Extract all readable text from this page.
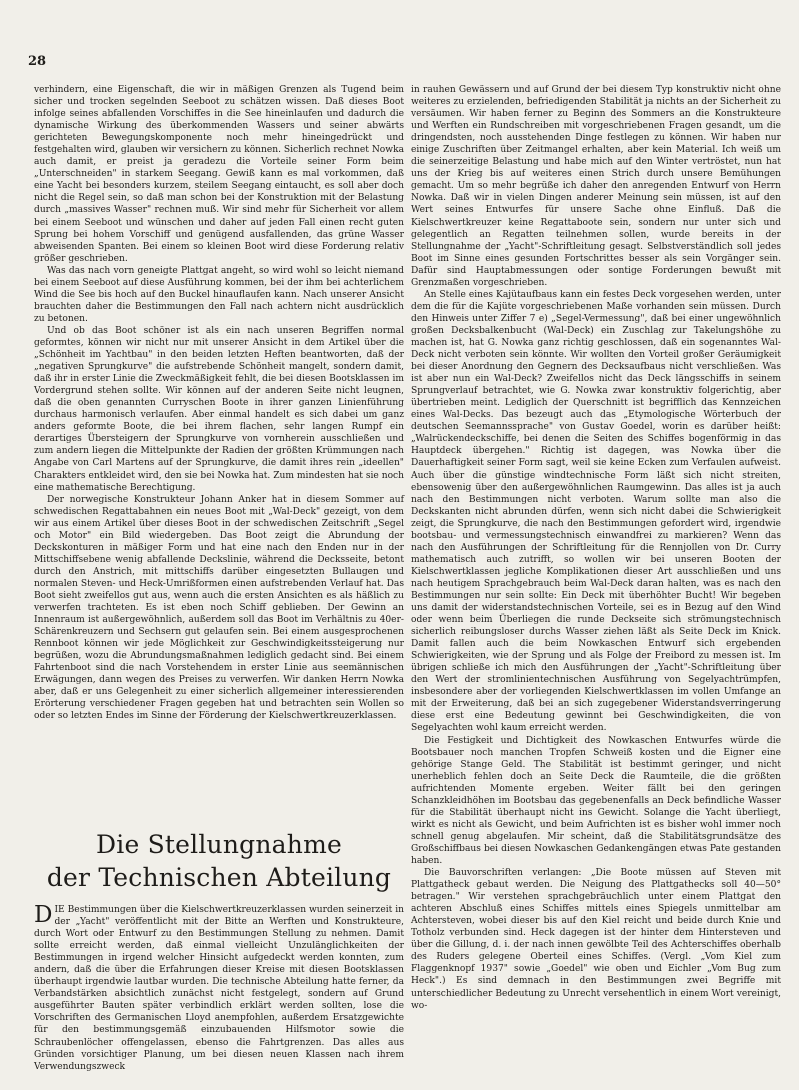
28

verhindern, eine Eigenschaft, die wir in mäßigen Grenzen als Tugend beim sicher und trocken segelnden Seeboot zu schätzen wissen. Daß dieses Boot infolge seines abfallenden Vorschiffes in die See hineinlaufen und dadurch die dynamische Wirkung des überkommenden Wassers und seiner abwärts gerichteten Bewegungskomponente noch mehr hineingedrückt und festgehalten wird, glauben wir versichern zu können. Sicherlich rechnet Nowka auch damit, er preist ja geradezu die Vorteile seiner Form beim „Unterschneiden" in starkem Seegang. Gewiß kann es mal vorkommen, daß eine Yacht bei besonders kurzem, steilem Seegang eintaucht, es soll aber doch nicht die Regel sein, so daß man schon bei der Konstruktion mit der Belastung durch „massives Wasser" rechnen muß. Wir sind mehr für Sicherheit vor allem bei einem Seeboot und wünschen und daher auf jeden Fall einen recht guten Sprung bei hohem Vorschiff und genügend ausfallenden, das grüne Wasser abweisenden Spanten. Bei einem so kleinen Boot wird diese Forderung relativ größer geschrieben.

Was das nach vorn geneigte Plattgat angeht, so wird wohl so leicht niemand bei einem Seeboot auf diese Ausführung kommen, bei der ihm bei achterlichem Wind die See bis hoch auf den Buckel hinauflaufen kann. Nach unserer Ansicht brauchten daher die Bestimmungen den Fall nach achtern nicht ausdrücklich zu betonen.

Und ob das Boot schöner ist als ein nach unseren Begriffen normal geformtes, können wir nicht nur mit unserer Ansicht in dem Artikel über die „Schönheit im Yachtbau" in den beiden letzten Heften beantworten, daß der „negativen Sprungkurve" die aufstrebende Schönheit mangelt, sondern damit, daß ihr in erster Linie die Zweckmäßigkeit fehlt, die bei diesen Bootsklassen im Vordergrund stehen sollte. Wir können auf der anderen Seite nicht leugnen, daß die oben genannten Curryschen Boote in ihrer ganzen Linienführung durchaus harmonisch verlaufen. Aber einmal handelt es sich dabei um ganz anders geformte Boote, die bei ihrem flachen, sehr langen Rumpf ein derartiges Übersteigern der Sprungkurve von vornherein ausschließen und zum andern liegen die Mittelpunkte der Radien der größten Krümmungen nach Angabe von Carl Martens auf der Sprungkurve, die damit ihres rein „ideellen" Charakters entkleidet wird, den sie bei Nowka hat. Zum mindesten hat sie noch eine mathematische Berechtigung.

Der norwegische Konstrukteur Johann Anker hat in diesem Sommer auf schwedischen Regattabahnen ein neues Boot mit „Wal-Deck" gezeigt, von dem wir aus einem Artikel über dieses Boot in der schwedischen Zeitschrift „Segel och Motor" ein Bild wiedergeben. Das Boot zeigt die Abrundung der Deckskonturen in mäßiger Form und hat eine nach den Enden nur in der Mittschiffsebene wenig abfallende Deckslinie, während die Decksseite, betont durch den Anstrich, mit mittschiffs darüber eingesetzten Bullaugen und normalen Steven- und Heck-Umrißformen einen aufstrebenden Verlauf hat. Das Boot sieht zweifellos gut aus, wenn auch die ersten Ansichten es als häßlich zu verwerfen trachteten. Es ist eben noch Schiff geblieben. Der Gewinn an Innenraum ist außergewöhnlich, außerdem soll das Boot im Verhältnis zu 40er-Schärenkreuzern und Sechsern gut gelaufen sein. Bei einem ausgesprochenen Rennboot können wir jede Möglichkeit zur Geschwindigkeitssteigerung nur begrüßen, wozu die Abrundungsmaßnahmen lediglich gedacht sind. Bei einem Fahrtenboot sind die nach Vorstehendem in erster Linie aus seemännischen Erwägungen, dann wegen des Preises zu verwerfen. Wir danken Herrn Nowka aber, daß er uns Gelegenheit zu einer sicherlich allgemeiner interessierenden Erörterung verschiedener Fragen gegeben hat und betrachten sein Wollen so oder so letzten Endes im Sinne der Förderung der Kielschwertkreuzerklassen.

Die Stellungnahme
der Technischen Abteilung

DIE Bestimmungen über die Kielschwertkreuzerklassen wurden seinerzeit in der „Yacht" veröffentlicht mit der Bitte an Werften und Konstrukteure, durch Wort oder Entwurf zu den Bestimmungen Stellung zu nehmen. Damit sollte erreicht werden, daß einmal vielleicht Unzulänglichkeiten der Bestimmungen in irgend welcher Hinsicht aufgedeckt werden konnten, zum andern, daß die über die Erfahrungen dieser Kreise mit diesen Bootsklassen überhaupt irgendwie lautbar wurden. Die technische Abteilung hatte ferner, da Verbandstärken absichtlich zunächst nicht festgelegt, sondern auf Grund ausgeführter Bauten später verbindlich erklärt werden sollten, lose die Vorschriften des Germanischen Lloyd anempfohlen, außerdem Ersatzgewichte für den bestimmungsgemäß einzubauenden Hilfsmotor sowie die Schraubenlöcher offengelassen, ebenso die Fahrtgrenzen. Das alles aus Gründen vorsichtiger Planung, um bei diesen neuen Klassen nach ihrem Verwendungszweck

in rauhen Gewässern und auf Grund der bei diesem Typ konstruktiv nicht ohne weiteres zu erzielenden, befriedigenden Stabilität ja nichts an der Sicherheit zu versäumen. Wir haben ferner zu Beginn des Sommers an die Konstrukteure und Werften ein Rundschreiben mit vorgeschriebenen Fragen gesandt, um die dringendsten, noch ausstehenden Dinge festlegen zu können. Wir haben nur einige Zuschriften über Zeitmangel erhalten, aber kein Material. Ich weiß um die seinerzeitige Belastung und habe mich auf den Winter vertröstet, nun hat uns der Krieg bis auf weiteres einen Strich durch unsere Bemühungen gemacht. Um so mehr begrüße ich daher den anregenden Entwurf von Herrn Nowka. Daß wir in vielen Dingen anderer Meinung sein müssen, ist auf den Wert seines Entwurfes für unsere Sache ohne Einfluß. Daß die Kielschwertkreuzer keine Regattaboote sein, sondern nur unter sich und gelegentlich an Regatten teilnehmen sollen, wurde bereits in der Stellungnahme der „Yacht"-Schriftleitung gesagt. Selbstverständlich soll jedes Boot im Sinne eines gesunden Fortschrittes besser als sein Vorgänger sein. Dafür sind Hauptabmessungen oder sontige Forderungen bewußt mit Grenzmaßen vorgeschrieben.

An Stelle eines Kajütaufbaus kann ein festes Deck vorgesehen werden, unter dem die für die Kajüte vorgeschriebenen Maße vorhanden sein müssen. Durch den Hinweis unter Ziffer 7 e) „Segel-Vermessung", daß bei einer ungewöhnlich großen Decksbalkenbucht (Wal-Deck) ein Zuschlag zur Takelungshöhe zu machen ist, hat G. Nowka ganz richtig geschlossen, daß ein sogenanntes Wal-Deck nicht verboten sein könnte. Wir wollten den Vorteil großer Geräumigkeit bei dieser Anordnung den Gegnern des Decksaufbaus nicht verschließen. Was ist aber nun ein Wal-Deck? Zweifellos nicht das Deck längsschiffs in seinem Sprungverlauf betrachtet, wie G. Nowka zwar konstruktiv folgerichtig, aber übertrieben meint. Lediglich der Querschnitt ist begrifflich das Kennzeichen eines Wal-Decks. Das bezeugt auch das „Etymologische Wörterbuch der deutschen Seemannssprache" von Gustav Goedel, worin es darüber heißt: „Walrückendeckschiffe, bei denen die Seiten des Schiffes bogenförmig in das Hauptdeck übergehen." Richtig ist dagegen, was Nowka über die Dauerhaftigkeit seiner Form sagt, weil sie keine Ecken zum Verfaulen aufweist. Auch über die günstige windtechnische Form läßt sich nicht streiten, ebensowenig über den außergewöhnlichen Raumgewinn. Das alles ist ja auch nach den Bestimmungen nicht verboten. Warum sollte man also die Deckskanten nicht abrunden dürfen, wenn sich nicht dabei die Schwierigkeit zeigt, die Sprungkurve, die nach den Bestimmungen gefordert wird, irgendwie bootsbau- und vermessungstechnisch einwandfrei zu markieren? Wenn das nach den Ausführungen der Schriftleitung für die Rennjollen von Dr. Curry mathematisch auch zutrifft, so wollen wir bei unseren Booten der Kielschwertklassen jegliche Komplikationen dieser Art ausschließen und uns nach heutigem Sprachgebrauch beim Wal-Deck daran halten, was es nach den Bestimmungen nur sein sollte: Ein Deck mit überhöhter Bucht! Wir begeben uns damit der widerstandstechnischen Vorteile, sei es in Bezug auf den Wind oder wenn beim Überliegen die runde Deckseite sich strömungstechnisch sicherlich reibungsloser durchs Wasser ziehen läßt als Seite Deck im Knick. Damit fallen auch die beim Nowkaschen Entwurf sich ergebenden Schwierigkeiten, wie der Sprung und als Folge der Freibord zu messen ist. Im übrigen schließe ich mich den Ausführungen der „Yacht"-Schriftleitung über den Wert der stromlinientechnischen Ausführung von Segelyachtrümpfen, insbesondere aber der vorliegenden Kielschwertklassen im vollen Umfange an mit der Erweiterung, daß bei an sich zugegebener Widerstandsverringerung diese erst eine Bedeutung gewinnt bei Geschwindigkeiten, die von Segelyachten wohl kaum erreicht werden.

Die Festigkeit und Dichtigkeit des Nowkaschen Entwurfes würde die Bootsbauer noch manchen Tropfen Schweiß kosten und die Eigner eine gehörige Stange Geld. The Stabilität ist bestimmt geringer, und nicht unerheblich fehlen doch an Seite Deck die Raumteile, die die größten aufrichtenden Momente ergeben. Weiter fällt bei den geringen Schanzkleidhöhen im Bootsbau das gegebenenfalls an Deck befindliche Wasser für die Stabilität überhaupt nicht ins Gewicht. Solange die Yacht überliegt, wirkt es nicht als Gewicht, und beim Aufrichten ist es bisher wohl immer noch schnell genug abgelaufen. Mir scheint, daß die Stabilitätsgrundsätze des Großschiffbaus bei diesen Nowkaschen Gedankengängen etwas Pate gestanden haben.

Die Bauvorschriften verlangen: „Die Boote müssen auf Steven mit Plattgatheck gebaut werden. Die Neigung des Plattgathecks soll 40—50° betragen." Wir verstehen sprachgebräuchlich unter einem Plattgat den achteren Abschluß eines Schiffes mittels eines Spiegels unmittelbar am Achtersteven, wobei dieser bis auf den Kiel reicht und beide durch Knie und Totholz verbunden sind. Heck dagegen ist der hinter dem Hintersteven und über die Gillung, d. i. der nach innen gewölbte Teil des Achterschiffes oberhalb des Ruders gelegene Oberteil eines Schiffes. (Vergl. „Vom Kiel zum Flaggenknopf 1937" sowie „Goedel" wie oben und Eichler „Vom Bug zum Heck".) Es sind demnach in den Bestimmungen zwei Begriffe mit unterschiedlicher Bedeutung zu Unrecht versehentlich in einem Wort vereinigt, wo-
